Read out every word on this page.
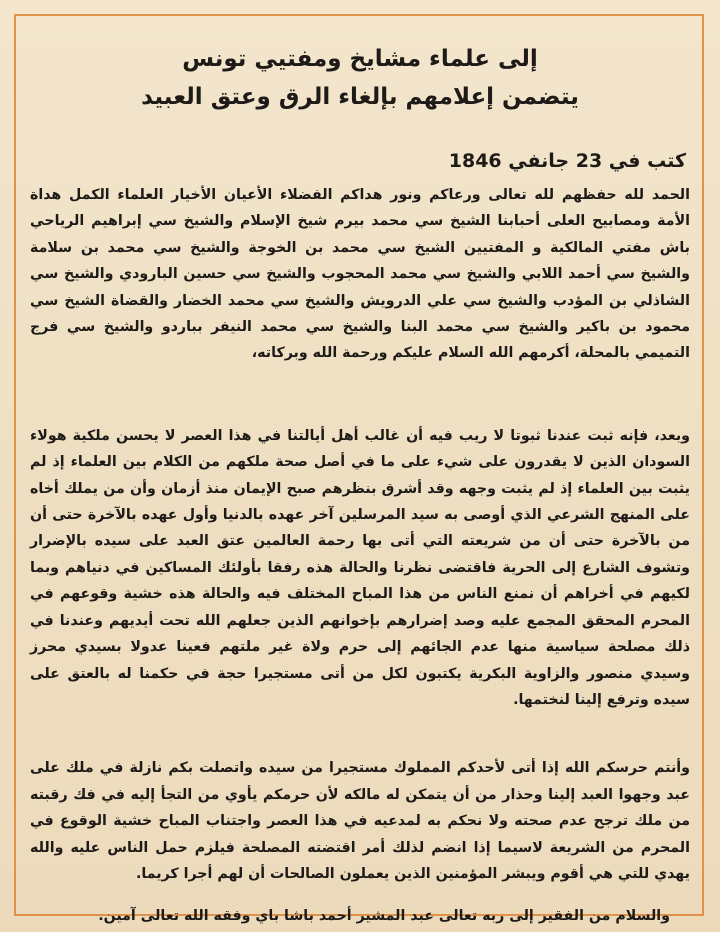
إلى علماء مشايخ ومفتيي تونس
يتضمن إعلامهم بإلغاء الرق وعتق العبيد
كتب في 23 جانفي 1846

الحمد لله حفظهم لله تعالى ورعاكم ونور هداكم الفضلاء الأعيان الأخيار العلماء الكمل هداة الأمة ومصابيح العلى أحبابنا الشيخ سي محمد بيرم شيخ الإسلام والشيخ سي إبراهيم الرياحي باش مفتي المالكية و المفتيين الشيخ سي محمد بن الخوجة والشيخ سي محمد بن سلامة والشيخ سي أحمد اللابي والشيخ سي محمد المحجوب والشيخ سي حسين البارودي والشيخ سي الشاذلي بن المؤدب والشيخ سي علي الدرويش والشيخ سي محمد الخضار والقضاة الشيخ سي محمود بن باكير والشيخ سي محمد البنا والشيخ سي محمد النيفر بباردو والشيخ سي فرج التميمي بالمحلة، أكرمهم الله السلام عليكم ورحمة الله وبركاته،

وبعد، فإنه ثبت عندنا ثبوتا لا ريب فيه أن غالب أهل أيالتنا في هذا العصر لا يحسن ملكية هولاء السودان الذين لا يقدرون على شيء على ما في أصل صحة ملكهم من الكلام بين العلماء إذ لم يثبت بين العلماء إذ لم يثبت وجهه وقد أشرق بنظرهم صبح الإيمان منذ أزمان وأن من يملك أخاه على المنهج الشرعي الذي أوصى به سيد المرسلين آخر عهده بالدنيا وأول عهده بالآخرة حتى أن من بالآخرة حتى أن من شريعته التي أتى بها رحمة العالمين عتق العبد على سيده بالإضرار وتشوف الشارع إلى الحرية فاقتضى نظرنا والحالة هذه رفقا بأولئك المساكين في دنياهم وبما لكيهم في أخراهم أن نمنع الناس من هذا المباح المختلف فيه والحالة هذه خشية وقوعهم في المحرم المحقق المجمع عليه وصد إضرارهم بإخوانهم الذين جعلهم الله تحت أيديهم وعندنا في ذلك مصلحة سياسية منها عدم الجائهم إلى حرم ولاة غير ملتهم فعينا عدولا بسيدي محرز وسيدي منصور والزاوية البكرية يكتبون لكل من أتى مستجيرا حجة في حكمنا له بالعتق على سيده وترفع إلينا لنختمها.

وأنتم حرسكم الله إذا أتى لأحدكم المملوك مستجيرا من سيده واتصلت بكم نازلة في ملك على عبد وجهوا العبد إلينا وحذار من أن يتمكن له مالكه لأن حرمكم يأوي من التجأ إليه في فك رقبته من ملك ترجح عدم صحته ولا نحكم به لمدعيه في هذا العصر واجتناب المباح خشية الوقوع في المحرم من الشريعة لاسيما إذا انضم لذلك أمر اقتضته المصلحة فيلزم حمل الناس عليه والله يهدي للتي هي أقوم ويبشر المؤمنين الذين يعملون الصالحات أن لهم أجرا كريما.

والسلام من الفقير إلى ربه تعالى عبد المشير أحمد باشا باي وفقه الله تعالى آمين.
